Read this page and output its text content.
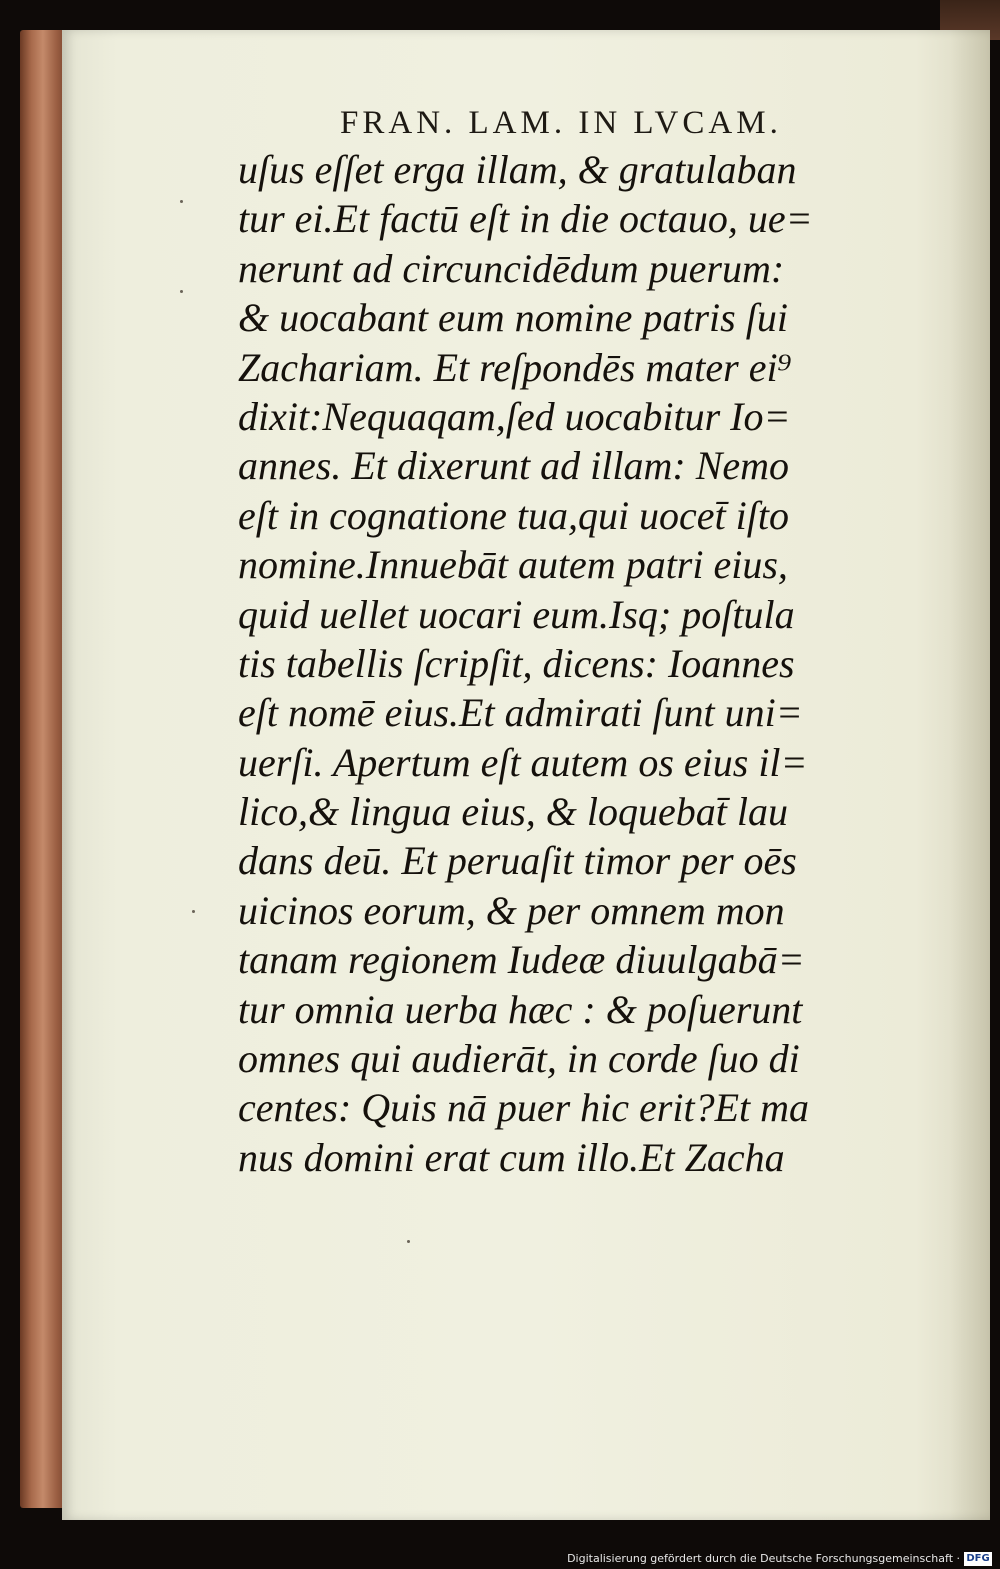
FRAN. LAM. IN LVCAM.
uſus eſſet erga illam, & gratulaban
tur ei.Et factū eſt in die octauo, ue=
nerunt ad circuncidēdum puerum:
& uocabant eum nomine patris ſui
Zachariam. Et reſpondēs mater ei⁹
dixit:Nequaqam,ſed uocabitur Io=
annes. Et dixerunt ad illam: Nemo
eſt in cognatione tua,qui uocet̄ iſto
nomine.Innuebāt autem patri eius,
quid uellet uocari eum.Isq; poſtula
tis tabellis ſcripſit, dicens: Ioannes
eſt nomē eius.Et admirati ſunt uni=
uerſi. Apertum eſt autem os eius il=
lico,& lingua eius, & loquebat̄ lau
dans deū. Et peruaſit timor per oēs
uicinos eorum, & per omnem mon
tanam regionem Iudeæ diuulgabā=
tur omnia uerba hæc : & poſuerunt
omnes qui audierāt, in corde ſuo di
centes: Quis nā puer hic erit?Et ma
nus domini erat cum illo.Et Zacha
Digitalisierung gefördert durch die Deutsche Forschungsgemeinschaft · DFG
